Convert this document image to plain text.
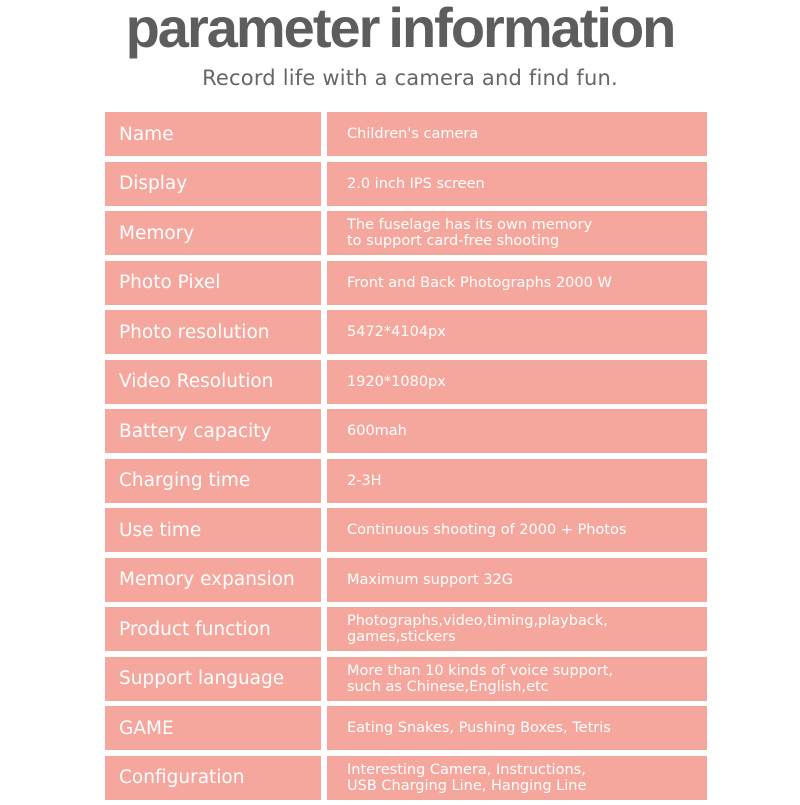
parameter information
Record life with a camera and find fun.
Name	Children's camera
Display	2.0 inch IPS screen
Memory	The fuselage has its own memory
to support card-free shooting
Photo Pixel	Front and Back Photographs 2000 W
Photo resolution	5472*4104px
Video Resolution	1920*1080px
Battery capacity	600mah
Charging time	2-3H
Use time	Continuous shooting of 2000 + Photos
Memory expansion	Maximum support 32G
Product function	Photographs,video,timing,playback,
games,stickers
Support language	More than 10 kinds of voice support,
such as Chinese,English,etc
GAME	Eating Snakes, Pushing Boxes, Tetris
Configuration	Interesting Camera, Instructions,
USB Charging Line, Hanging Line
